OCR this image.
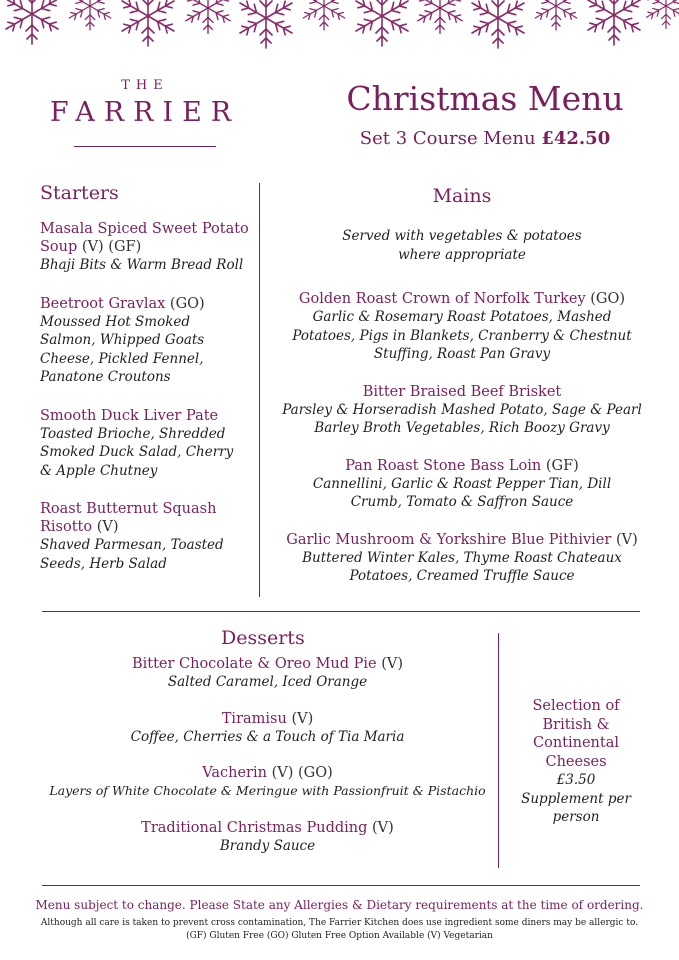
THE
FARRIER	Christmas Menu
Set 3 Course Menu £42.50
Starters
Masala Spiced Sweet Potato Soup (V) (GF)
Bhaji Bits & Warm Bread Roll
Beetroot Gravlax (GO)
Moussed Hot Smoked Salmon, Whipped Goats Cheese, Pickled Fennel, Panatone Croutons
Smooth Duck Liver Pate
Toasted Brioche, Shredded Smoked Duck Salad, Cherry & Apple Chutney
Roast Butternut Squash Risotto (V)
Shaved Parmesan, Toasted Seeds, Herb Salad
Mains
Served with vegetables & potatoes where appropriate
Golden Roast Crown of Norfolk Turkey (GO)
Garlic & Rosemary Roast Potatoes, Mashed Potatoes, Pigs in Blankets, Cranberry & Chestnut Stuffing, Roast Pan Gravy
Bitter Braised Beef Brisket
Parsley & Horseradish Mashed Potato, Sage & Pearl Barley Broth Vegetables, Rich Boozy Gravy
Pan Roast Stone Bass Loin (GF)
Cannellini, Garlic & Roast Pepper Tian, Dill Crumb, Tomato & Saffron Sauce
Garlic Mushroom & Yorkshire Blue Pithivier (V)
Buttered Winter Kales, Thyme Roast Chateaux Potatoes, Creamed Truffle Sauce
Desserts
Bitter Chocolate & Oreo Mud Pie (V)
Salted Caramel, Iced Orange
Tiramisu (V)
Coffee, Cherries & a Touch of Tia Maria
Vacherin (V) (GO)
Layers of White Chocolate & Meringue with Passionfruit & Pistachio
Traditional Christmas Pudding (V)
Brandy Sauce
Selection of British & Continental Cheeses
£3.50 Supplement per person
Menu subject to change. Please State any Allergies & Dietary requirements at the time of ordering.
Although all care is taken to prevent cross contamination, The Farrier Kitchen does use ingredient some diners may be allergic to.
(GF) Gluten Free (GO) Gluten Free Option Available (V) Vegetarian
